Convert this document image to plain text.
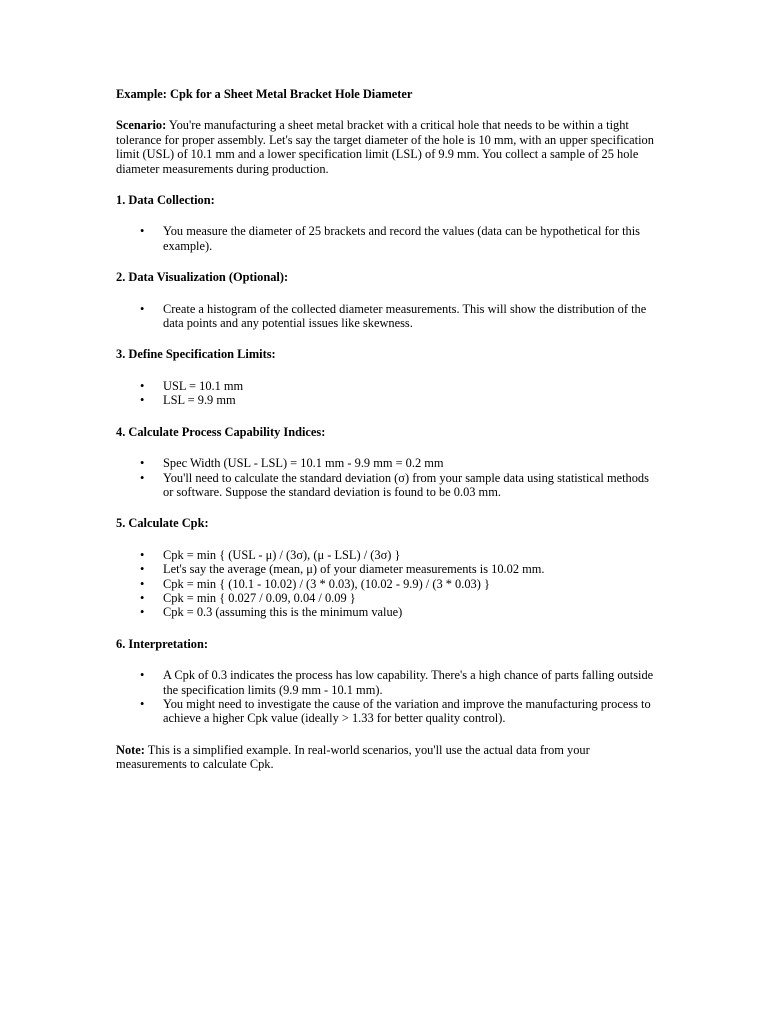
Example: Cpk for a Sheet Metal Bracket Hole Diameter
Scenario: You're manufacturing a sheet metal bracket with a critical hole that needs to be within a tight tolerance for proper assembly. Let's say the target diameter of the hole is 10 mm, with an upper specification limit (USL) of 10.1 mm and a lower specification limit (LSL) of 9.9 mm. You collect a sample of 25 hole diameter measurements during production.
1. Data Collection:
• You measure the diameter of 25 brackets and record the values (data can be hypothetical for this example).
2. Data Visualization (Optional):
• Create a histogram of the collected diameter measurements. This will show the distribution of the data points and any potential issues like skewness.
3. Define Specification Limits:
• USL = 10.1 mm
• LSL = 9.9 mm
4. Calculate Process Capability Indices:
• Spec Width (USL - LSL) = 10.1 mm - 9.9 mm = 0.2 mm
• You'll need to calculate the standard deviation (σ) from your sample data using statistical methods or software. Suppose the standard deviation is found to be 0.03 mm.
5. Calculate Cpk:
• Cpk = min { (USL - μ) / (3σ), (μ - LSL) / (3σ) }
• Let's say the average (mean, μ) of your diameter measurements is 10.02 mm.
• Cpk = min { (10.1 - 10.02) / (3 * 0.03), (10.02 - 9.9) / (3 * 0.03) }
• Cpk = min { 0.027 / 0.09, 0.04 / 0.09 }
• Cpk = 0.3 (assuming this is the minimum value)
6. Interpretation:
• A Cpk of 0.3 indicates the process has low capability. There's a high chance of parts falling outside the specification limits (9.9 mm - 10.1 mm).
• You might need to investigate the cause of the variation and improve the manufacturing process to achieve a higher Cpk value (ideally > 1.33 for better quality control).
Note: This is a simplified example. In real-world scenarios, you'll use the actual data from your measurements to calculate Cpk.
